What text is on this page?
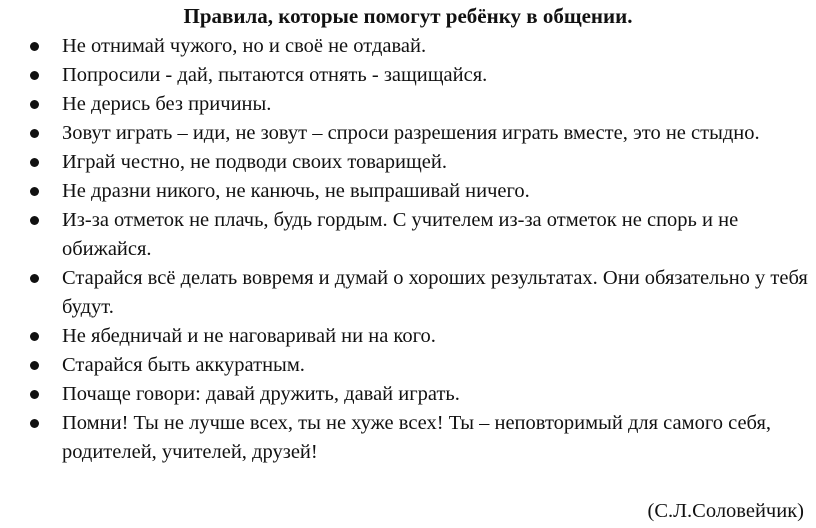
Правила, которые помогут ребёнку в общении.
Не отнимай чужого, но и своё не отдавай.
Попросили - дай, пытаются отнять - защищайся.
Не дерись без причины.
Зовут играть – иди, не зовут – спроси разрешения играть вместе, это не стыдно.
Играй честно, не подводи своих товарищей.
Не дразни никого, не канючь, не выпрашивай ничего.
Из-за отметок не плачь, будь гордым. С учителем из-за отметок не спорь и не обижайся.
Старайся всё делать вовремя и думай о хороших результатах. Они обязательно у тебя будут.
Не ябедничай и не наговаривай ни на кого.
Старайся быть аккуратным.
Почаще говори: давай дружить, давай играть.
Помни! Ты не лучше всех, ты не хуже всех! Ты – неповторимый для самого себя, родителей, учителей, друзей!
(С.Л.Соловейчик)
